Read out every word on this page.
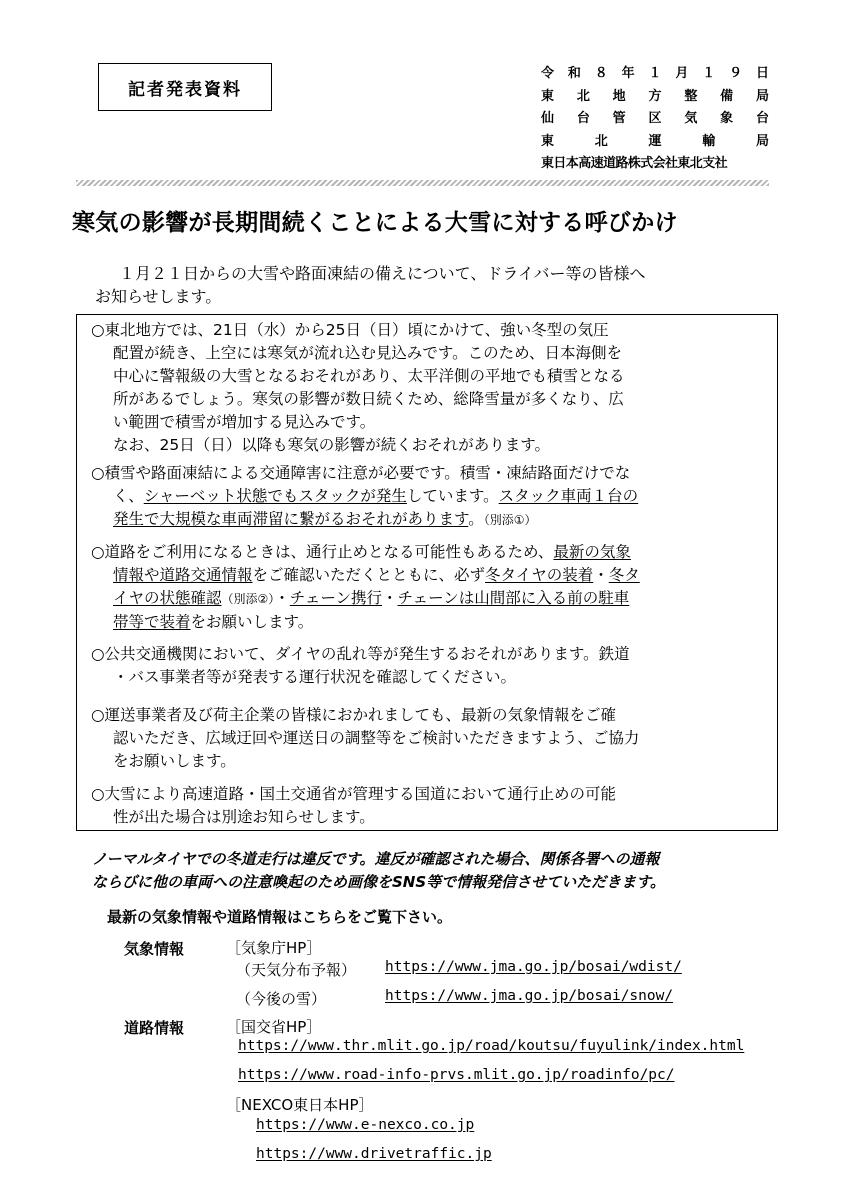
記者発表資料
令和８年１月１９日
東北地方整備局
仙台管区気象台
東北運輸局
東日本高速道路株式会社東北支社
寒気の影響が長期間続くことによる大雪に対する呼びかけ
１月２１日からの大雪や路面凍結の備えについて、ドライバー等の皆様へ
お知らせします。
○東北地方では、21日（水）から25日（日）頃にかけて、強い冬型の気圧
配置が続き、上空には寒気が流れ込む見込みです。このため、日本海側を
中心に警報級の大雪となるおそれがあり、太平洋側の平地でも積雪となる
所があるでしょう。寒気の影響が数日続くため、総降雪量が多くなり、広
い範囲で積雪が増加する見込みです。
なお、25日（日）以降も寒気の影響が続くおそれがあります。
○積雪や路面凍結による交通障害に注意が必要です。積雪・凍結路面だけでな
く、シャーベット状態でもスタックが発生しています。スタック車両１台の
発生で大規模な車両滞留に繋がるおそれがあります。（別添①）
○道路をご利用になるときは、通行止めとなる可能性もあるため、最新の気象
情報や道路交通情報をご確認いただくとともに、必ず冬タイヤの装着・冬タ
イヤの状態確認（別添②）・チェーン携行・チェーンは山間部に入る前の駐車
帯等で装着をお願いします。
○公共交通機関において、ダイヤの乱れ等が発生するおそれがあります。鉄道
・バス事業者等が発表する運行状況を確認してください。
○運送事業者及び荷主企業の皆様におかれましても、最新の気象情報をご確
認いただき、広域迂回や運送日の調整等をご検討いただきますよう、ご協力
をお願いします。
○大雪により高速道路・国土交通省が管理する国道において通行止めの可能
性が出た場合は別途お知らせします。
ノーマルタイヤでの冬道走行は違反です。違反が確認された場合、関係各署への通報
ならびに他の車両への注意喚起のため画像をSNS等で情報発信させていただきます。
最新の気象情報や道路情報はこちらをご覧下さい。
気象情報	［気象庁HP］
（天気分布予報） https://www.jma.go.jp/bosai/wdist/
（今後の雪）	https://www.jma.go.jp/bosai/snow/
道路情報	［国交省HP］
https://www.thr.mlit.go.jp/road/koutsu/fuyulink/index.html
https://www.road-info-prvs.mlit.go.jp/roadinfo/pc/
［NEXCO東日本HP］
https://www.e-nexco.co.jp
https://www.drivetraffic.jp
